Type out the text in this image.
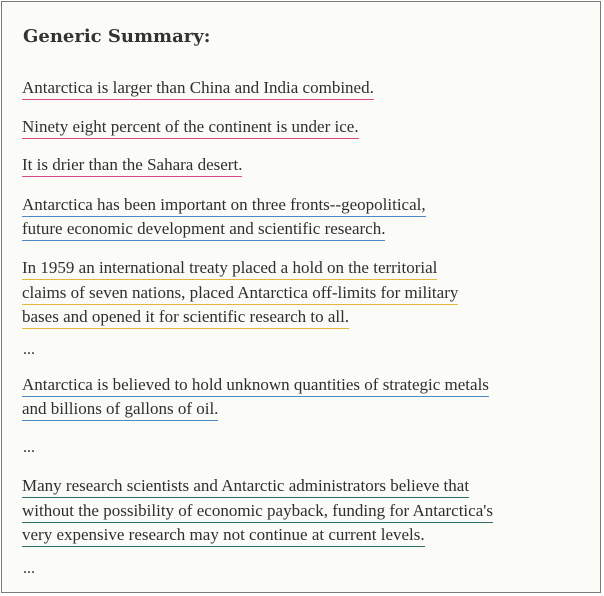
Generic Summary:
Antarctica is larger than China and India combined.
Ninety eight percent of the continent is under ice.
It is drier than the Sahara desert.
Antarctica has been important on three fronts--geopolitical,
future economic development and scientific research.
In 1959 an international treaty placed a hold on the territorial
claims of seven nations, placed Antarctica off-limits for military
bases and opened it for scientific research to all.
...
Antarctica is believed to hold unknown quantities of strategic metals
and billions of gallons of oil.
...
Many research scientists and Antarctic administrators believe that
without the possibility of economic payback, funding for Antarctica's
very expensive research may not continue at current levels.
...
